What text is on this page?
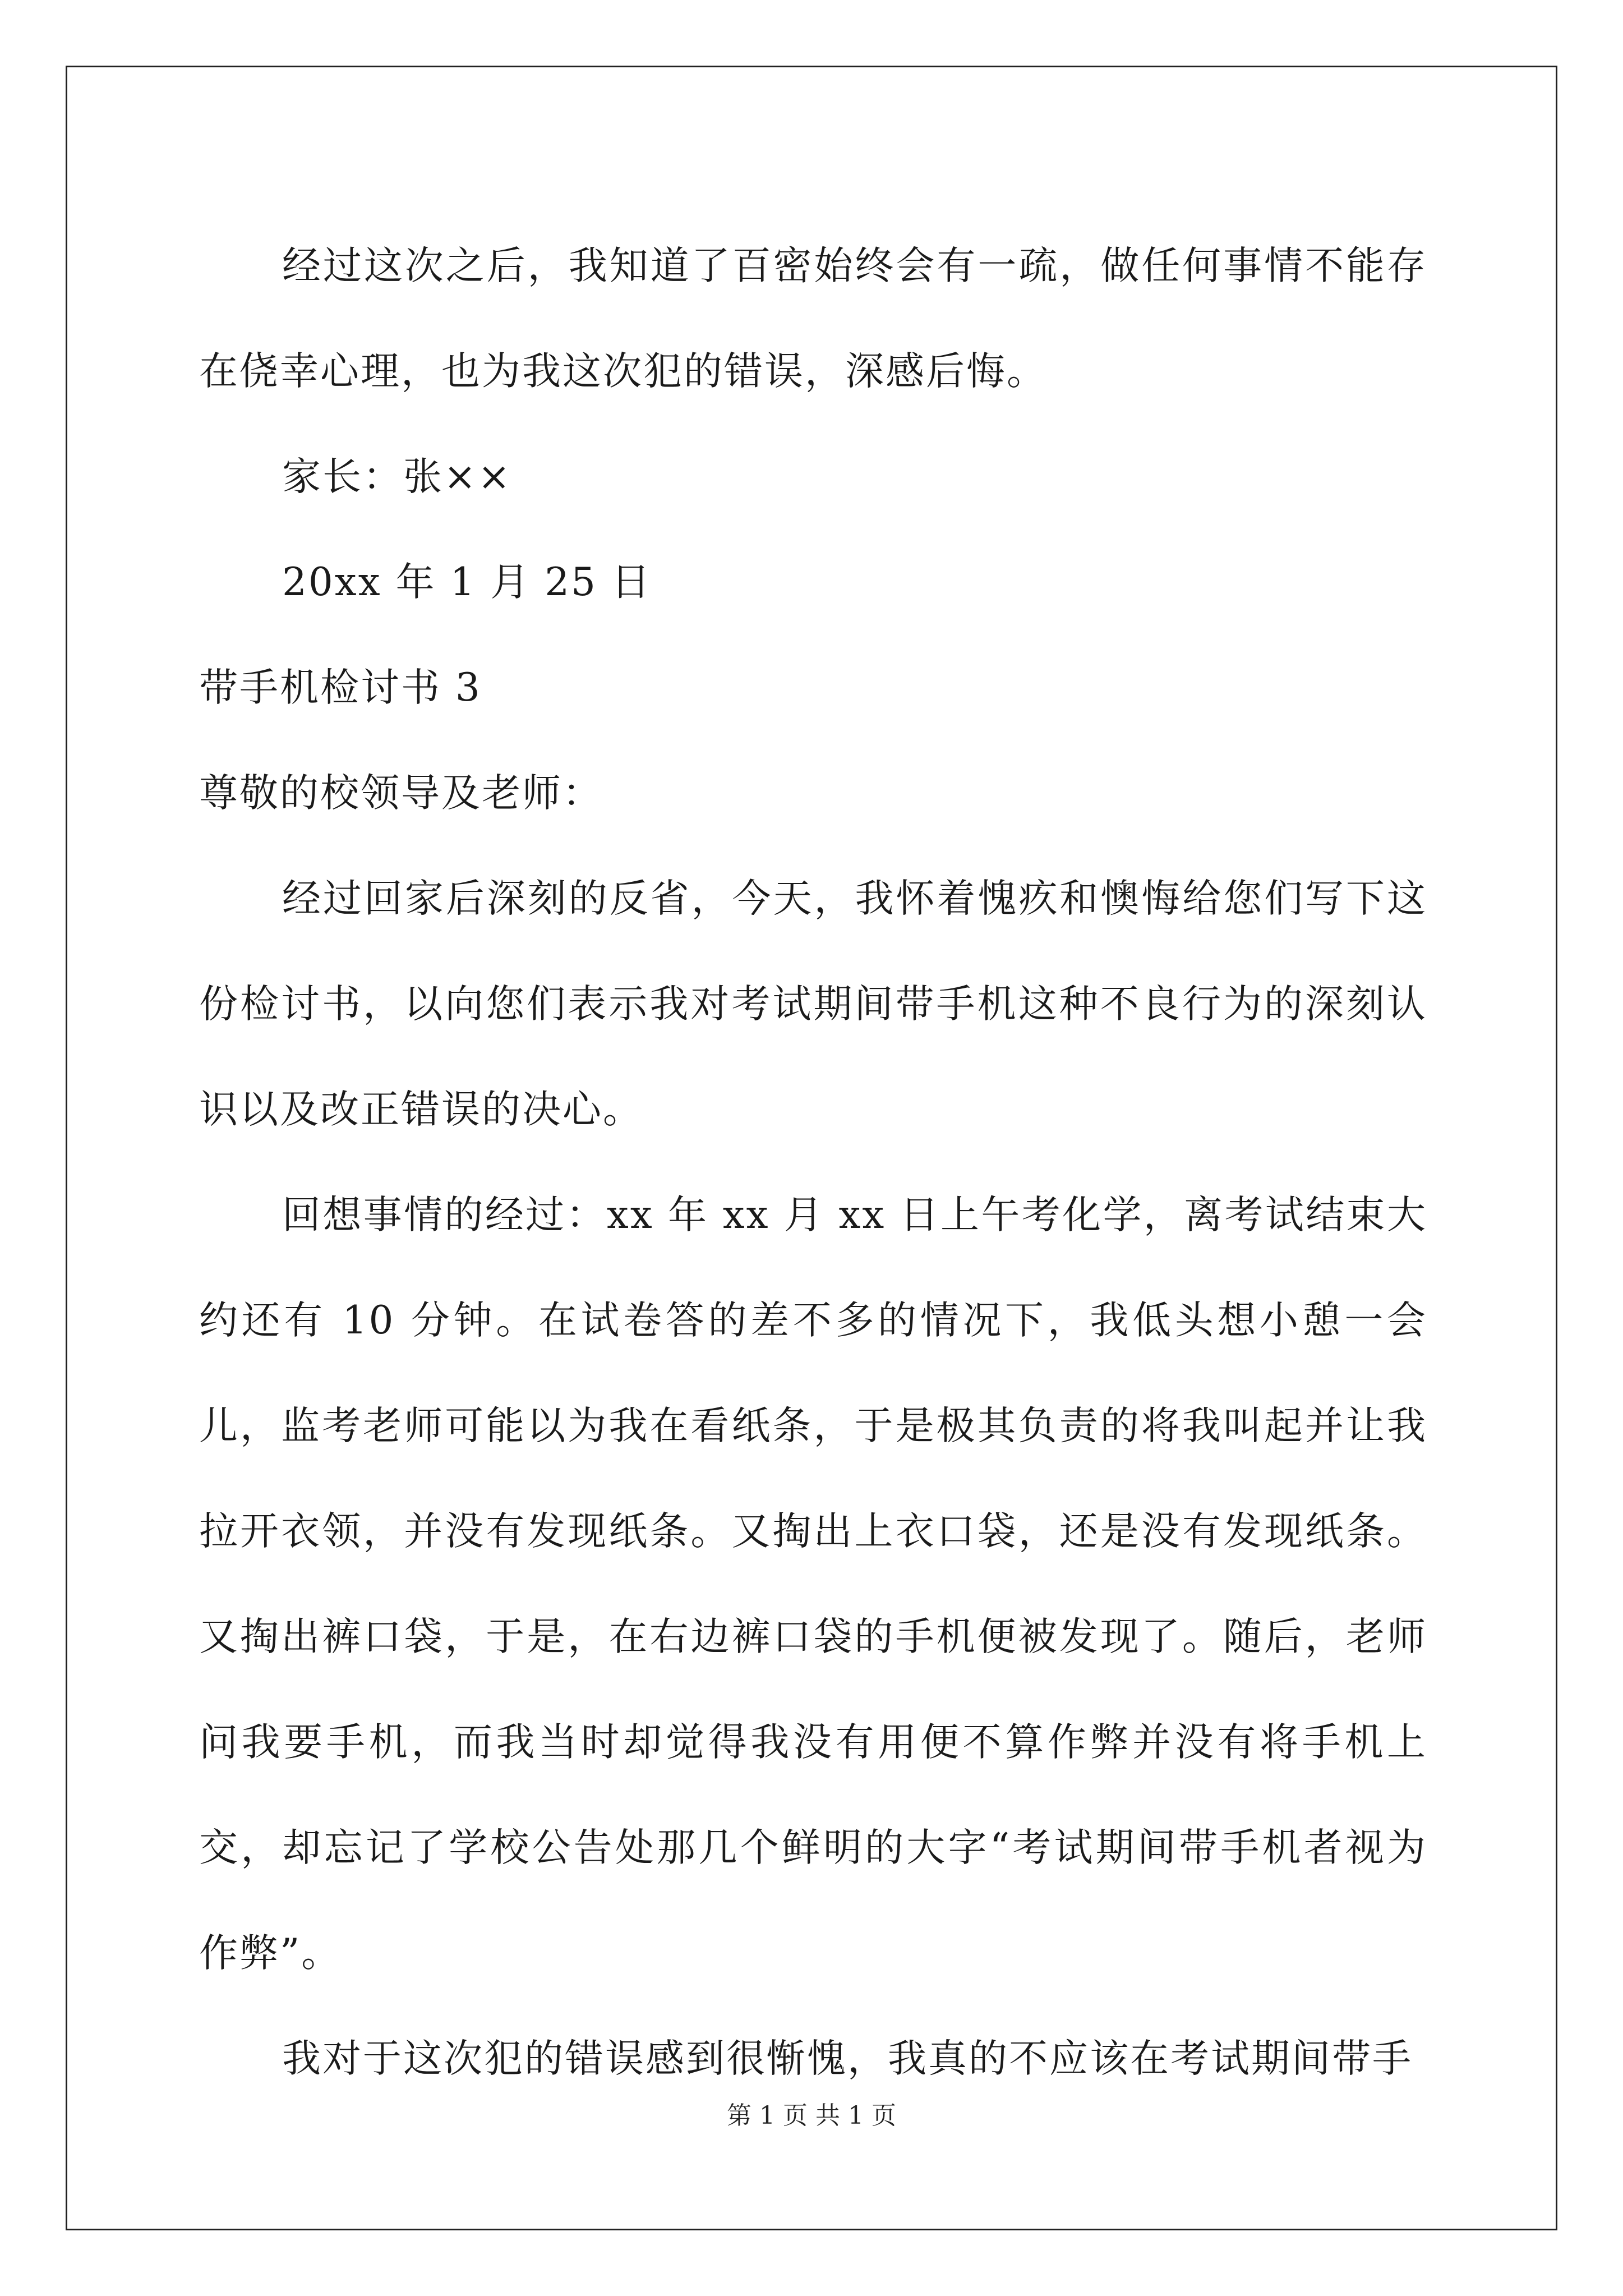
经过这次之后，我知道了百密始终会有一疏，做任何事情不能存在侥幸心理，也为我这次犯的错误，深感后悔。

家长：张××

20xx 年 1 月 25 日

带手机检讨书 3

尊敬的校领导及老师：

经过回家后深刻的反省，今天，我怀着愧疚和懊悔给您们写下这份检讨书，以向您们表示我对考试期间带手机这种不良行为的深刻认识以及改正错误的决心。

回想事情的经过：xx 年 xx 月 xx 日上午考化学，离考试结束大约还有 10 分钟。在试卷答的差不多的情况下，我低头想小憩一会儿，监考老师可能以为我在看纸条，于是极其负责的将我叫起并让我拉开衣领，并没有发现纸条。又掏出上衣口袋，还是没有发现纸条。又掏出裤口袋，于是，在右边裤口袋的手机便被发现了。随后，老师问我要手机，而我当时却觉得我没有用便不算作弊并没有将手机上交，却忘记了学校公告处那几个鲜明的大字“考试期间带手机者视为作弊”。

我对于这次犯的错误感到很惭愧，我真的不应该在考试期间带手

第 1 页 共 1 页
